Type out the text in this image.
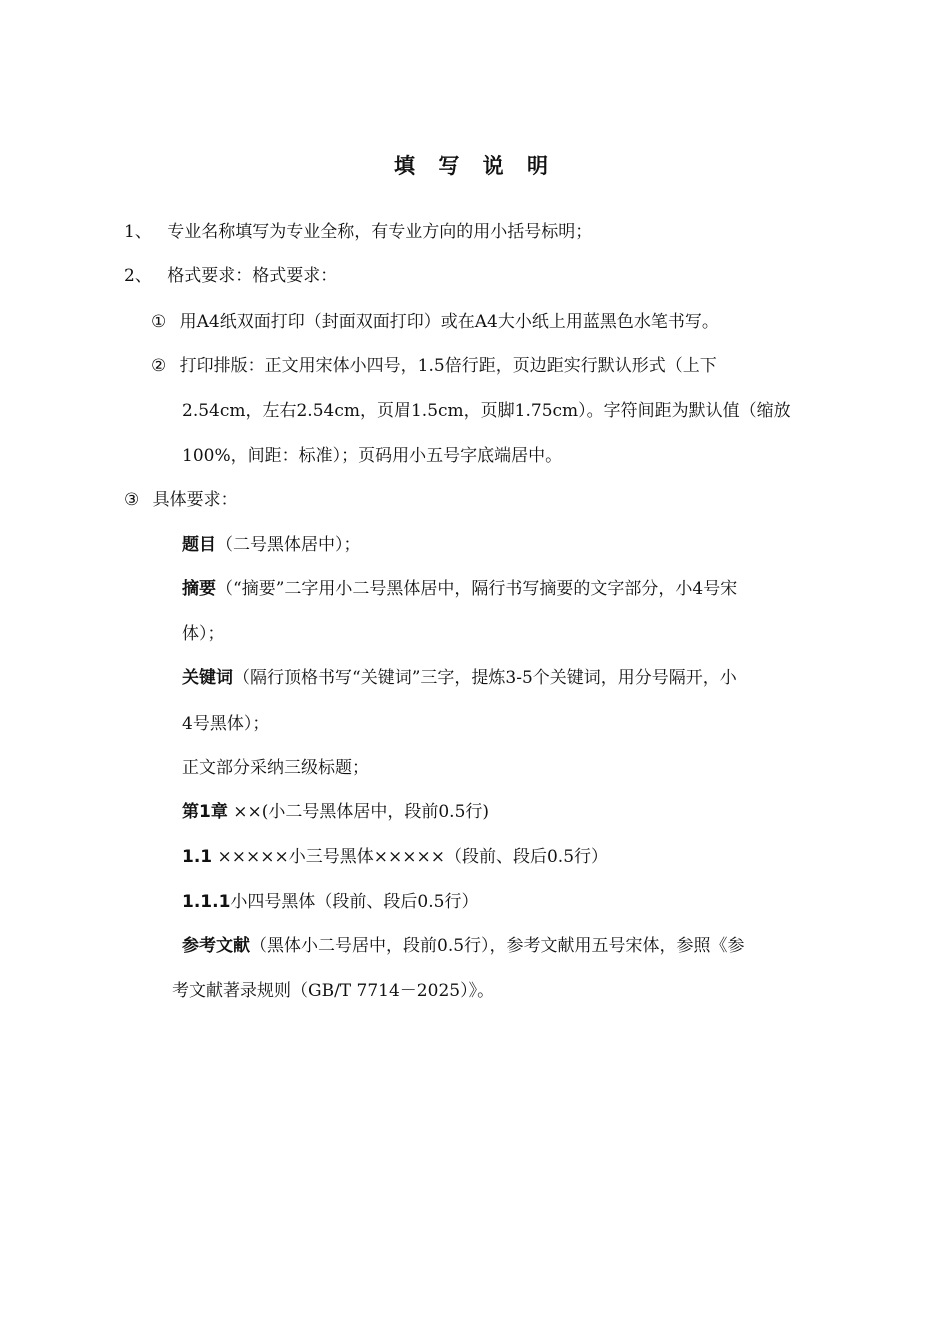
填 写 说 明
1、 专业名称填写为专业全称，有专业方向的用小括号标明；
2、 格式要求：格式要求：
① 用A4纸双面打印（封面双面打印）或在A4大小纸上用蓝黑色水笔书写。
② 打印排版：正文用宋体小四号，1.5倍行距，页边距实行默认形式（上下
2.54cm，左右2.54cm，页眉1.5cm，页脚1.75cm）。字符间距为默认值（缩放
100%，间距：标准）；页码用小五号字底端居中。
③ 具体要求：
题目（二号黑体居中）；
摘要（“摘要”二字用小二号黑体居中，隔行书写摘要的文字部分，小4号宋
体）；
关键词（隔行顶格书写“关键词”三字，提炼3-5个关键词，用分号隔开，小
4号黑体）；
正文部分采纳三级标题；
第1章 ××(小二号黑体居中，段前0.5行)
1.1 ×××××小三号黑体×××××（段前、段后0.5行）
1.1.1小四号黑体（段前、段后0.5行）
参考文献（黑体小二号居中，段前0.5行），参考文献用五号宋体，参照《参
考文献著录规则（GB/T 7714－2025）》。
